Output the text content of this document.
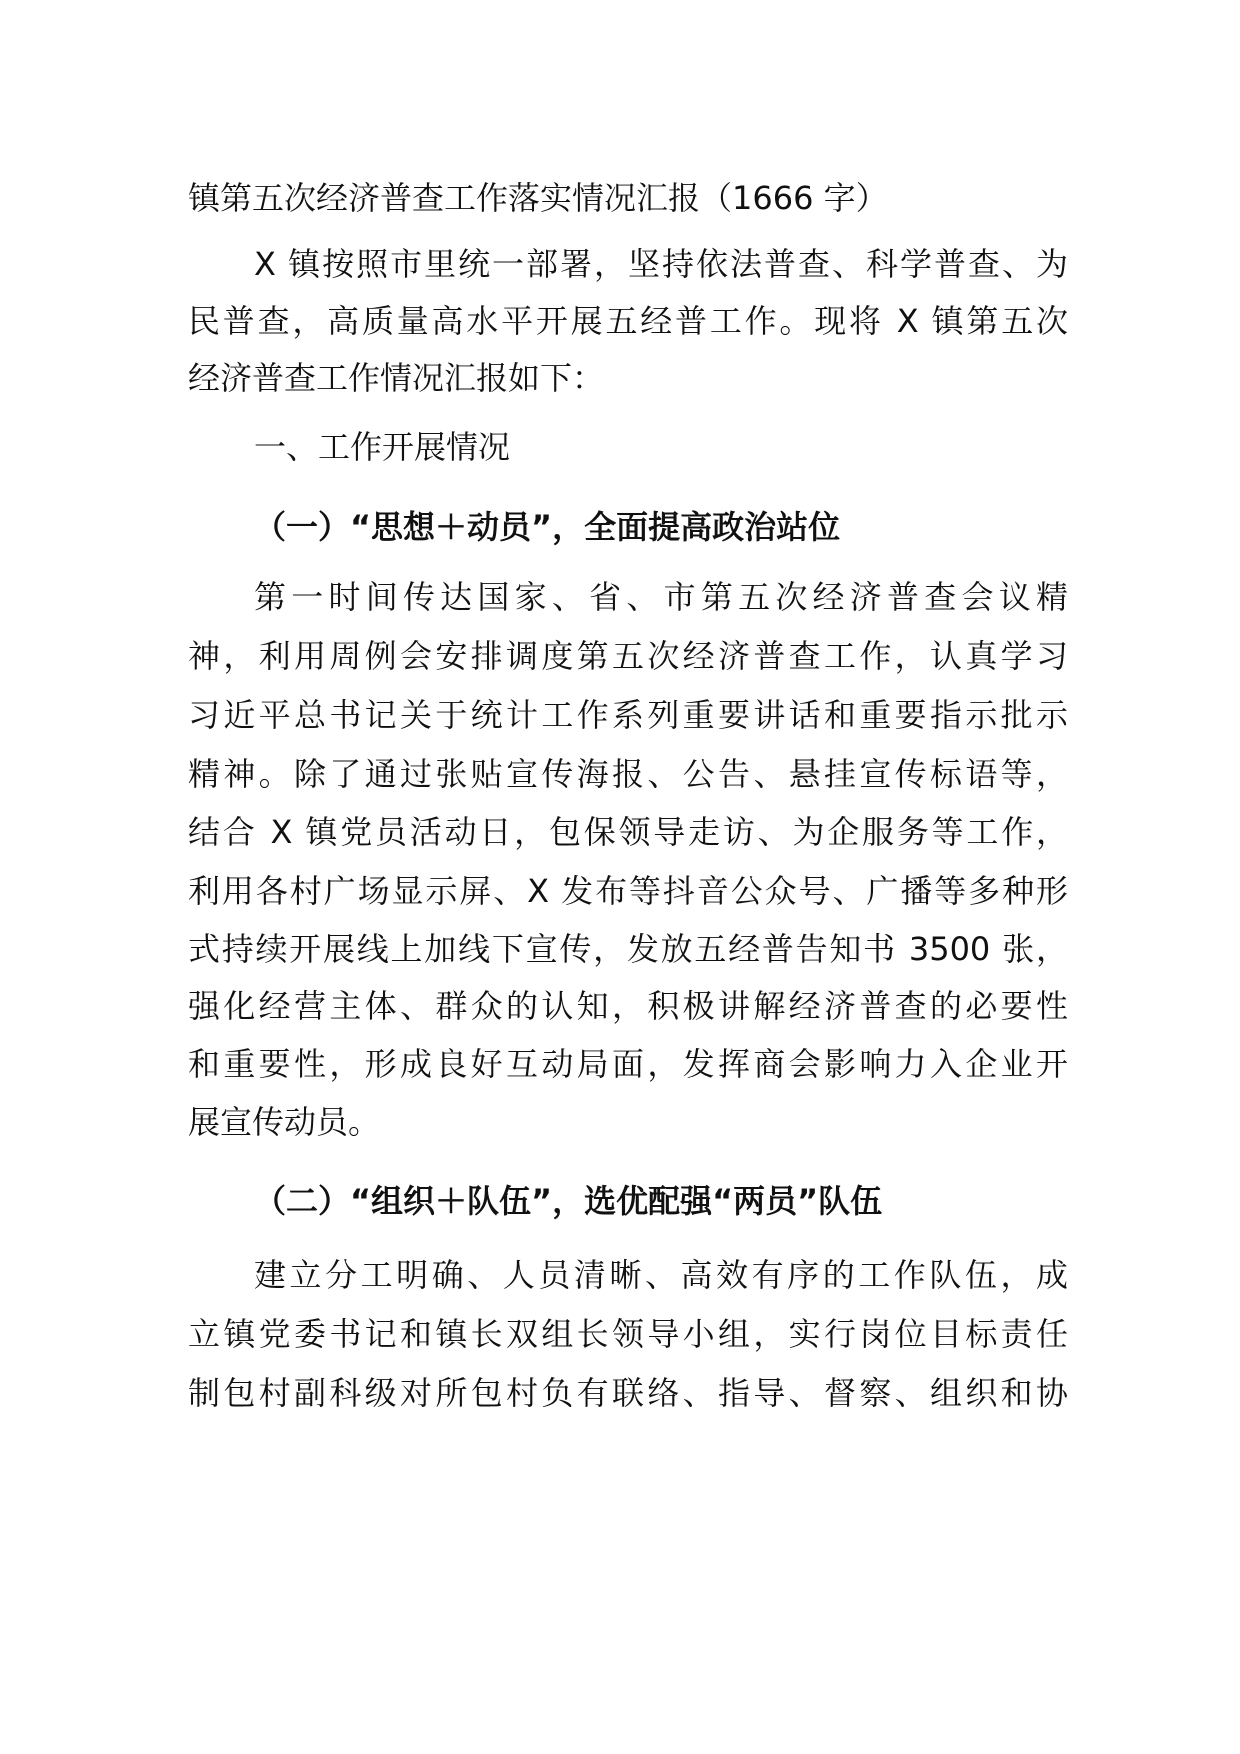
镇第五次经济普查工作落实情况汇报（1666 字）
X 镇按照市里统一部署，坚持依法普查、科学普查、为
民普查，高质量高水平开展五经普工作。现将 X 镇第五次
经济普查工作情况汇报如下：
一、工作开展情况
（一）“思想＋动员”，全面提高政治站位
第一时间传达国家、省、市第五次经济普查会议精
神，利用周例会安排调度第五次经济普查工作，认真学习
习近平总书记关于统计工作系列重要讲话和重要指示批示
精神。除了通过张贴宣传海报、公告、悬挂宣传标语等，
结合 X 镇党员活动日，包保领导走访、为企服务等工作，
利用各村广场显示屏、X 发布等抖音公众号、广播等多种形
式持续开展线上加线下宣传，发放五经普告知书 3500 张，
强化经营主体、群众的认知，积极讲解经济普查的必要性
和重要性，形成良好互动局面，发挥商会影响力入企业开
展宣传动员。
（二）“组织＋队伍”，选优配强“两员”队伍
建立分工明确、人员清晰、高效有序的工作队伍，成
立镇党委书记和镇长双组长领导小组，实行岗位目标责任
制包村副科级对所包村负有联络、指导、督察、组织和协
